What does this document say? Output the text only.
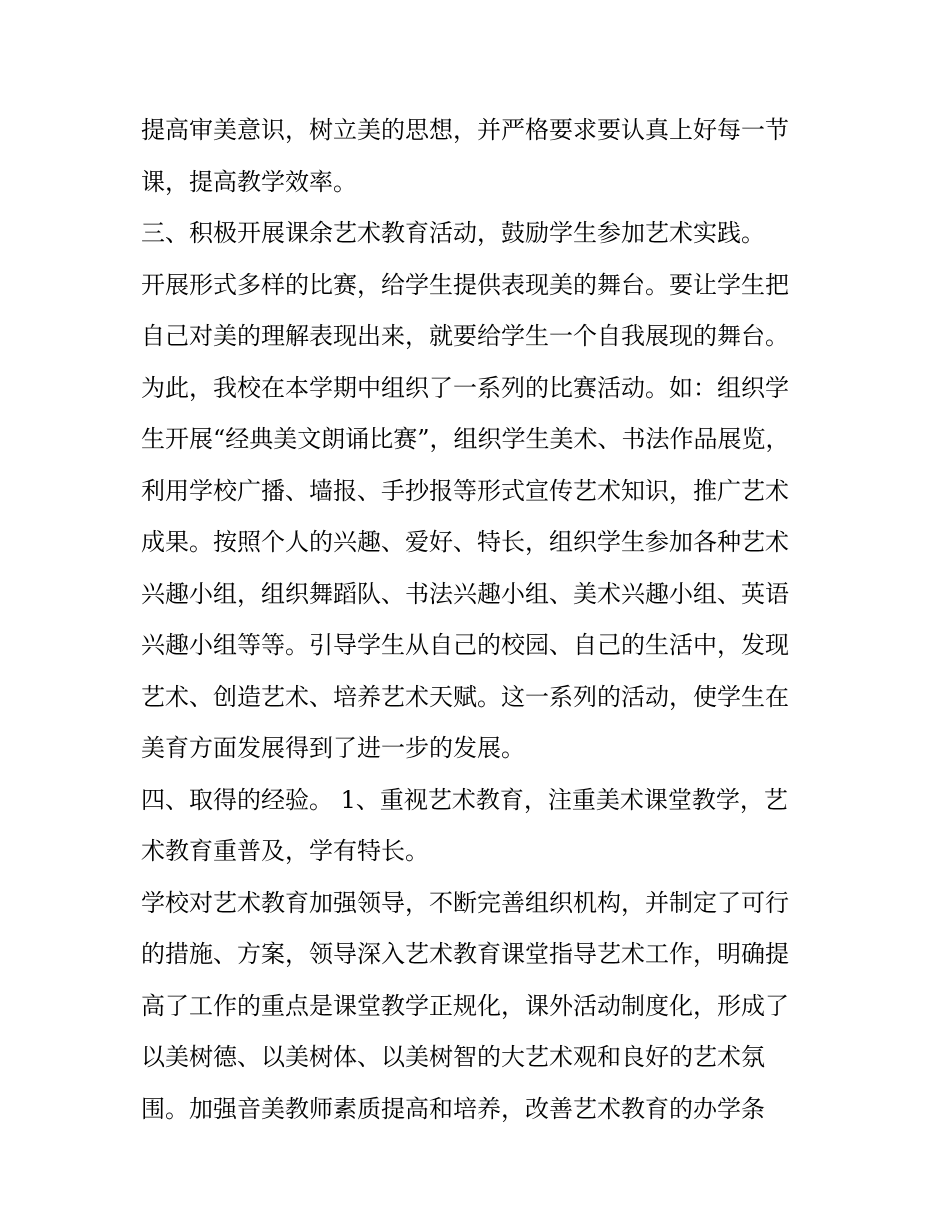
提高审美意识，树立美的思想，并严格要求要认真上好每一节
课，提高教学效率。
三、积极开展课余艺术教育活动，鼓励学生参加艺术实践。
开展形式多样的比赛，给学生提供表现美的舞台。要让学生把
自己对美的理解表现出来，就要给学生一个自我展现的舞台。
为此，我校在本学期中组织了一系列的比赛活动。如：组织学
生开展“经典美文朗诵比赛”，组织学生美术、书法作品展览，
利用学校广播、墙报、手抄报等形式宣传艺术知识，推广艺术
成果。按照个人的兴趣、爱好、特长，组织学生参加各种艺术
兴趣小组，组织舞蹈队、书法兴趣小组、美术兴趣小组、英语
兴趣小组等等。引导学生从自己的校园、自己的生活中，发现
艺术、创造艺术、培养艺术天赋。这一系列的活动，使学生在
美育方面发展得到了进一步的发展。
四、取得的经验。 1、重视艺术教育，注重美术课堂教学，艺
术教育重普及，学有特长。
学校对艺术教育加强领导，不断完善组织机构，并制定了可行
的措施、方案，领导深入艺术教育课堂指导艺术工作，明确提
高了工作的重点是课堂教学正规化，课外活动制度化，形成了
以美树德、以美树体、以美树智的大艺术观和良好的艺术氛
围。加强音美教师素质提高和培养，改善艺术教育的办学条
